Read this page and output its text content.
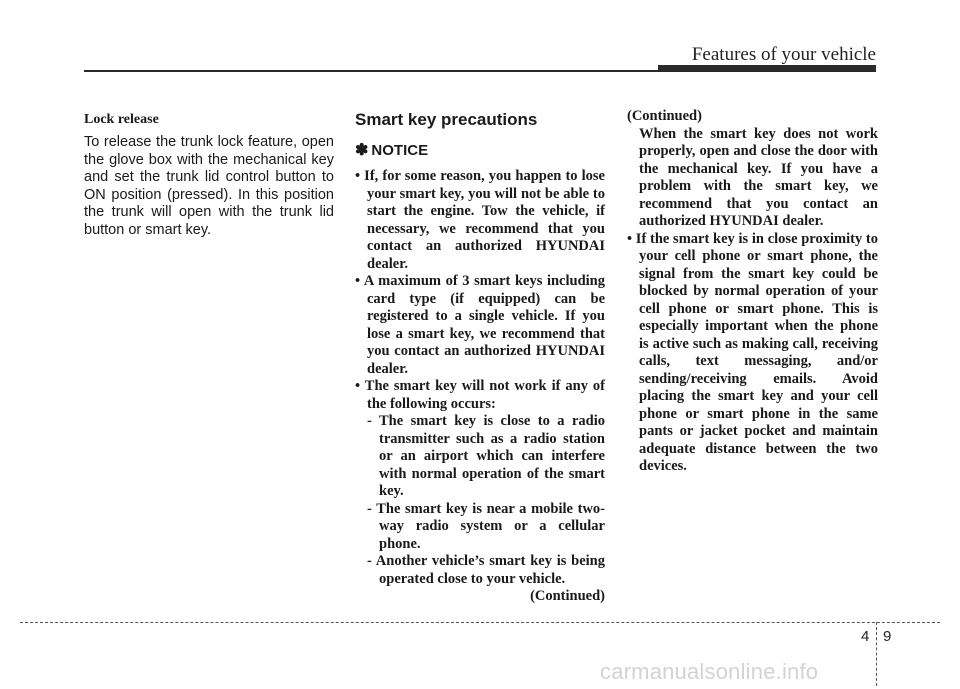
Features of your vehicle
Lock release

To release the trunk lock feature, open the glove box with the mechanical key and set the trunk lid control button to ON position (pressed). In this position the trunk will open with the trunk lid button or smart key.

Smart key precautions
✽ NOTICE

• If, for some reason, you happen to lose your smart key, you will not be able to start the engine. Tow the vehicle, if necessary, we recommend that you contact an authorized HYUNDAI dealer.

• A maximum of 3 smart keys including card type (if equipped) can be registered to a single vehicle. If you lose a smart key, we recommend that you contact an authorized HYUNDAI dealer.

• The smart key will not work if any of the following occurs:

- The smart key is close to a radio transmitter such as a radio station or an airport which can interfere with normal operation of the smart key.

- The smart key is near a mobile two-way radio system or a cellular phone.

- Another vehicle’s smart key is being operated close to your vehicle.

(Continued)

(Continued)

When the smart key does not work properly, open and close the door with the mechanical key. If you have a problem with the smart key, we recommend that you contact an authorized HYUNDAI dealer.

• If the smart key is in close proximity to your cell phone or smart phone, the signal from the smart key could be blocked by normal operation of your cell phone or smart phone. This is especially important when the phone is active such as making call, receiving calls, text messaging, and/or sending/receiving emails. Avoid placing the smart key and your cell phone or smart phone in the same pants or jacket pocket and maintain adequate distance between the two devices.

4 9
carmanualsonline.info
